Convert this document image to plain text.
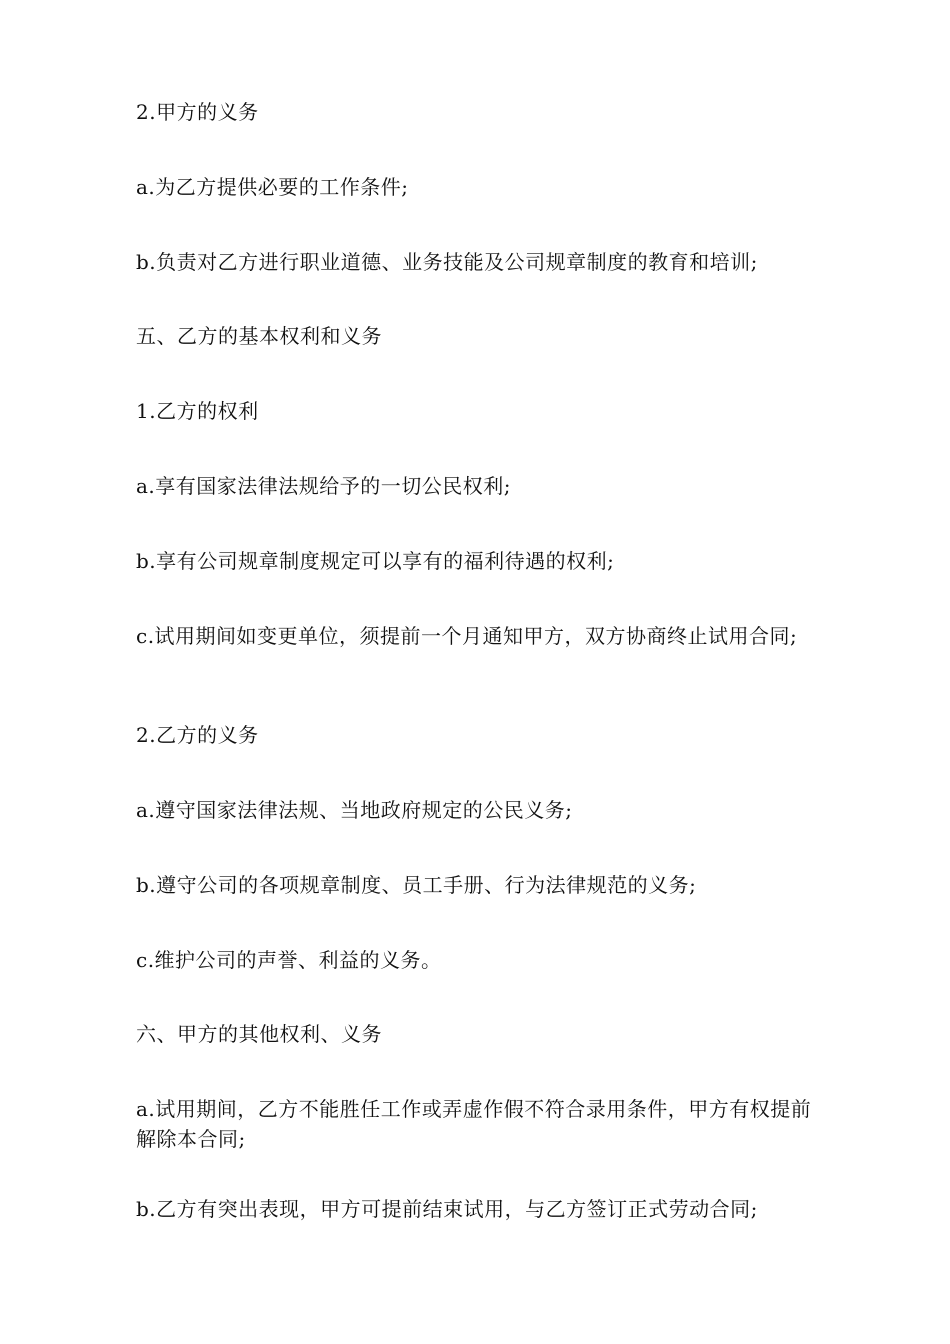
2.甲方的义务

a.为乙方提供必要的工作条件;

b.负责对乙方进行职业道德、业务技能及公司规章制度的教育和培训;

五、乙方的基本权利和义务

1.乙方的权利

a.享有国家法律法规给予的一切公民权利;

b.享有公司规章制度规定可以享有的福利待遇的权利;

c.试用期间如变更单位，须提前一个月通知甲方，双方协商终止试用合同;

2.乙方的义务

a.遵守国家法律法规、当地政府规定的公民义务;

b.遵守公司的各项规章制度、员工手册、行为法律规范的义务;

c.维护公司的声誉、利益的义务。

六、甲方的其他权利、义务

a.试用期间，乙方不能胜任工作或弄虚作假不符合录用条件，甲方有权提前解除本合同;

b.乙方有突出表现，甲方可提前结束试用，与乙方签订正式劳动合同;
